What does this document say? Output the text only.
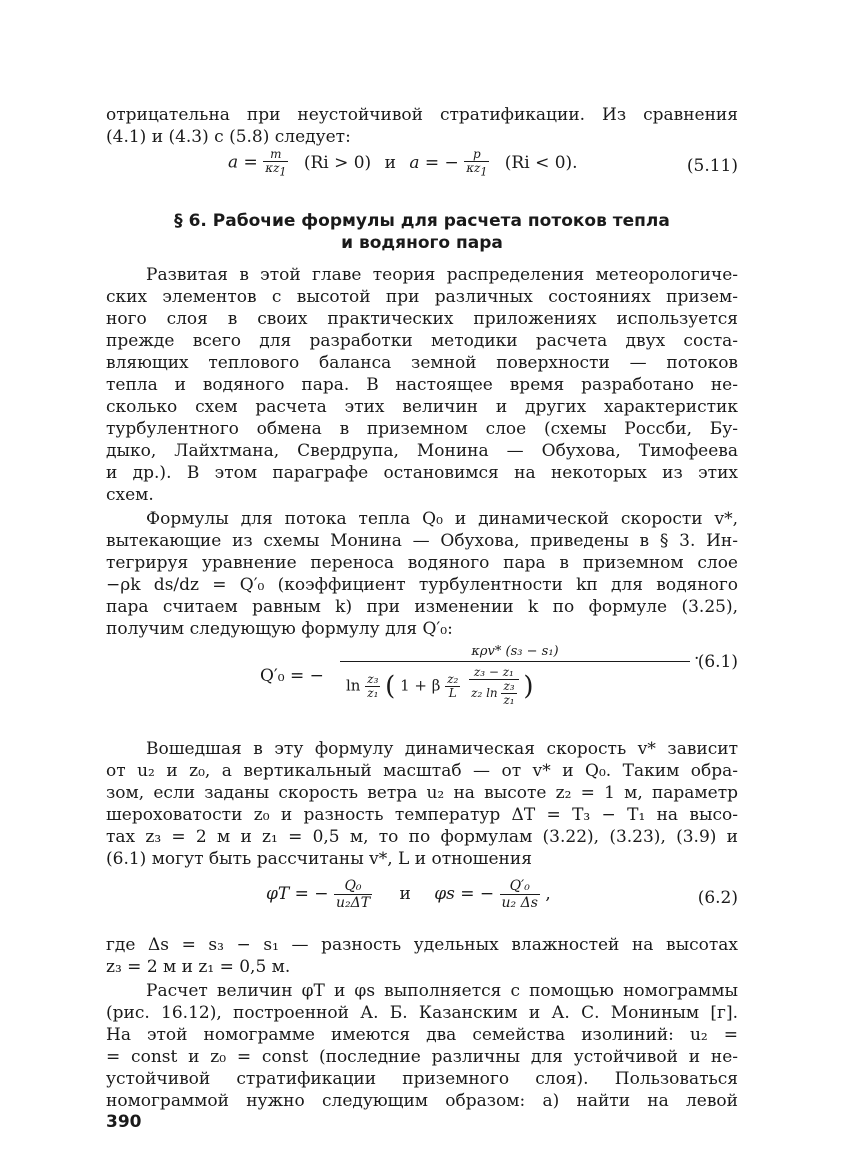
отрицательна при неустойчивой стратификации. Из сравнения
(4.1) и (4.3) с (5.8) следует:
$a = \frac{m}{\kappa z_1} (Ri > 0)$ и a = − $\frac{p}{\kappa z_1} (Ri < 0)$.	(5.11)
§ 6. Рабочие формулы для расчета потоков тепла
и водяного пара
Развитая в этой главе теория распределения метеорологиче-
ских элементов с высотой при различных состояниях призем-
ного слоя в своих практических приложениях используется
прежде всего для разработки методики расчета двух соста-
вляющих теплового баланса земной поверхности — потоков
тепла и водяного пара. В настоящее время разработано не-
сколько схем расчета этих величин и других характеристик
турбулентного обмена в приземном слое (схемы Россби, Бу-
дыко, Лайхтмана, Свердрупа, Монина — Обухова, Тимофеева
и др.). В этом параграфе остановимся на некоторых из этих
схем.
Формулы для потока тепла Q₀ и динамической скорости v*,
вытекающие из схемы Монина — Обухова, приведены в § 3. Ин-
тегрируя уравнение переноса водяного пара в приземном слое
−ρk ds/dz = Q′₀ (коэффициент турбулентности kп для водяного
пара считаем равным k) при изменении k по формуле (3.25),
получим следующую формулу для Q′₀:
Q′₀ = −
κρv* (s₃ − s₁)
$\ln \frac{\text{z₃}}{\text{z₁}}$ ( 1 + β $\frac{\text{z₂}}{L}$
$\frac{\text{z₃ − z₁}}{z_2 \ln \frac{\text{z₃}}{\text{z₁}}}$ )
.
(6.1)
Вошедшая в эту формулу динамическая скорость v* зависит
от u₂ и z₀, а вертикальный масштаб — от v* и Q₀. Таким обра-
зом, если заданы скорость ветра u₂ на высоте z₂ = 1 м, параметр
шероховатости z₀ и разность температур ΔT = T₃ − T₁ на высо-
тах z₃ = 2 м и z₁ = 0,5 м, то по формулам (3.22), (3.23), (3.9) и
(6.1) могут быть рассчитаны v*, L и отношения
φT = − $\frac{\text{Q₀}}{\text{u₂ΔT}}$ и φs = − $\frac{\text{Q′₀}}{\text{u₂ Δs}}$ ,	(6.2)
где Δs = s₃ − s₁ — разность удельных влажностей на высотах
z₃ = 2 м и z₁ = 0,5 м.
Расчет величин φT и φs выполняется с помощью номограммы
(рис. 16.12), построенной А. Б. Казанским и А. С. Мониным [г].
На этой номограмме имеются два семейства изолиний: u₂ =
= const и z₀ = const (последние различны для устойчивой и не-
устойчивой стратификации приземного слоя). Пользоваться
номограммой нужно следующим образом: а) найти на левой
390
